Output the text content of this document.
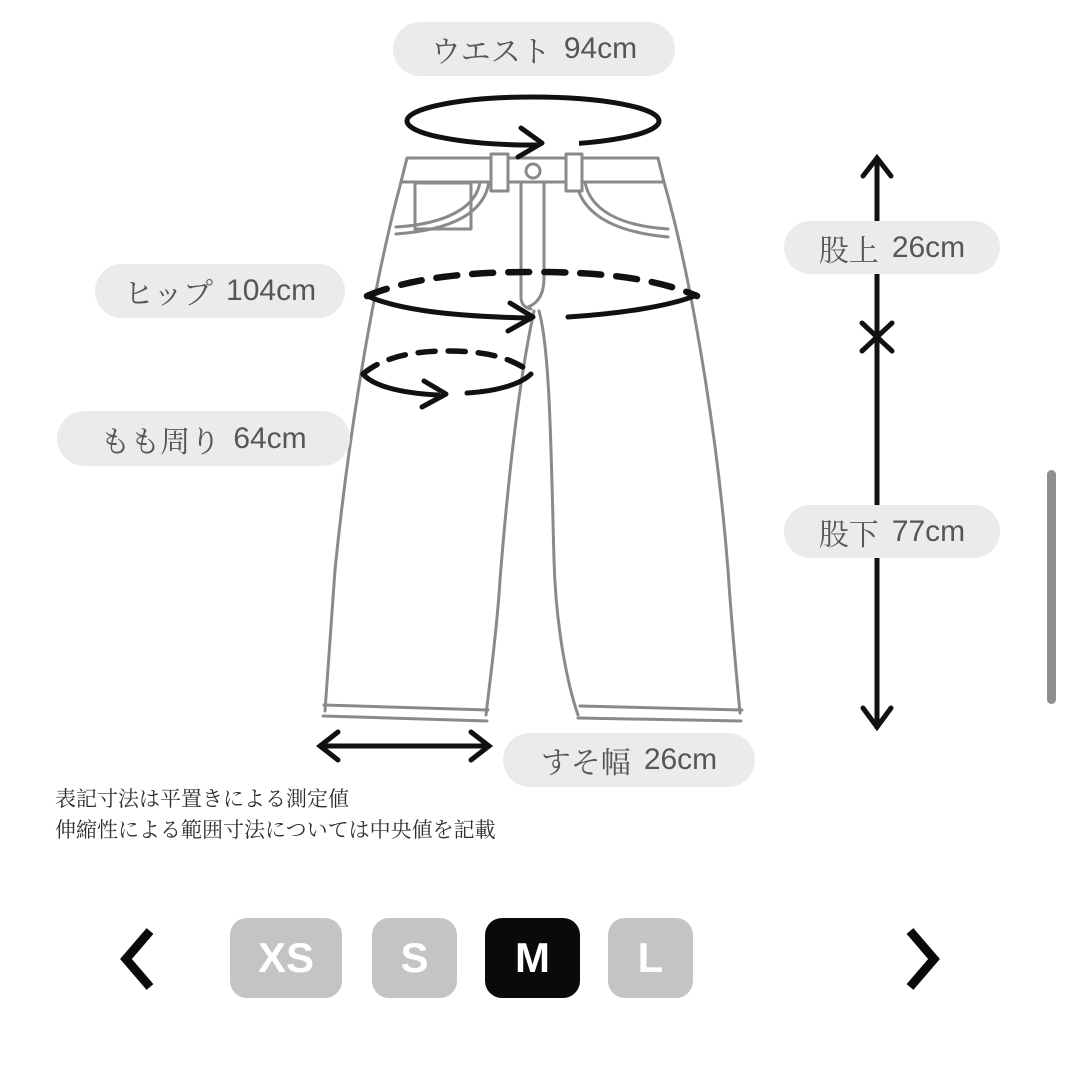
ウエスト 94cm
ヒップ 104cm
もも周り 64cm
股上 26cm
股下 77cm
すそ幅 26cm
表記寸法は平置きによる測定値
伸縮性による範囲寸法については中央値を記載
XS	S	M	L
